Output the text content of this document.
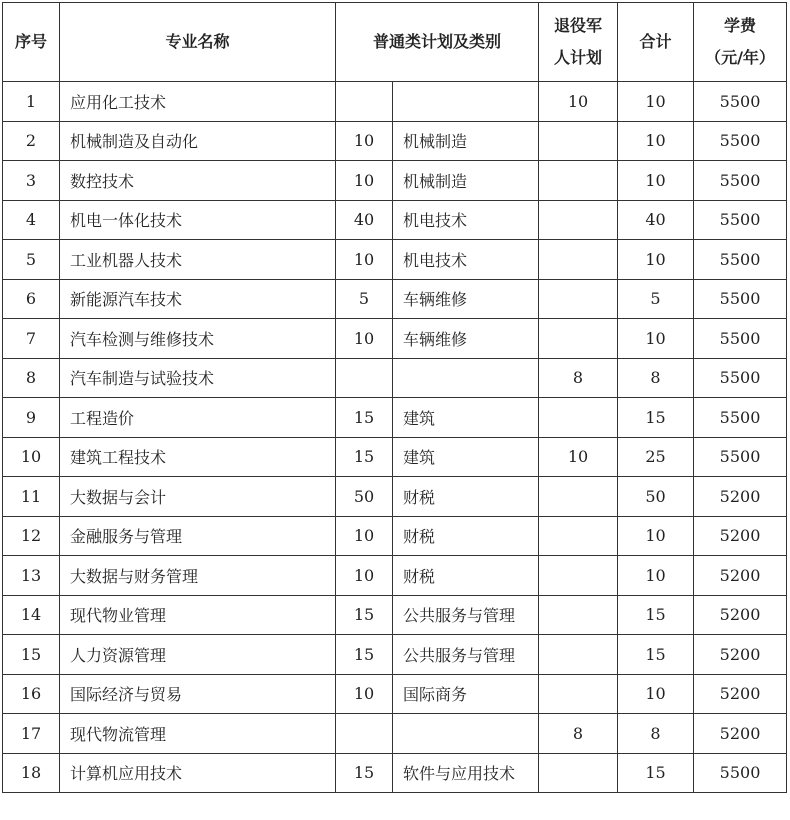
序号	专业名称	普通类计划及类别		退役军
人计划	合计	学费
（元/年）

1	应用化工技术			10	10	5500
2	机械制造及自动化	10	机械制造		10	5500
3	数控技术	10	机械制造		10	5500
4	机电一体化技术	40	机电技术		40	5500
5	工业机器人技术	10	机电技术		10	5500
6	新能源汽车技术	5	车辆维修		5	5500
7	汽车检测与维修技术	10	车辆维修		10	5500
8	汽车制造与试验技术			8	8	5500
9	工程造价	15	建筑		15	5500
10	建筑工程技术	15	建筑	10	25	5500
11	大数据与会计	50	财税		50	5200
12	金融服务与管理	10	财税		10	5200
13	大数据与财务管理	10	财税		10	5200
14	现代物业管理	15	公共服务与管理		15	5200
15	人力资源管理	15	公共服务与管理		15	5200
16	国际经济与贸易	10	国际商务		10	5200
17	现代物流管理			8	8	5200
18	计算机应用技术	15	软件与应用技术		15	5500
